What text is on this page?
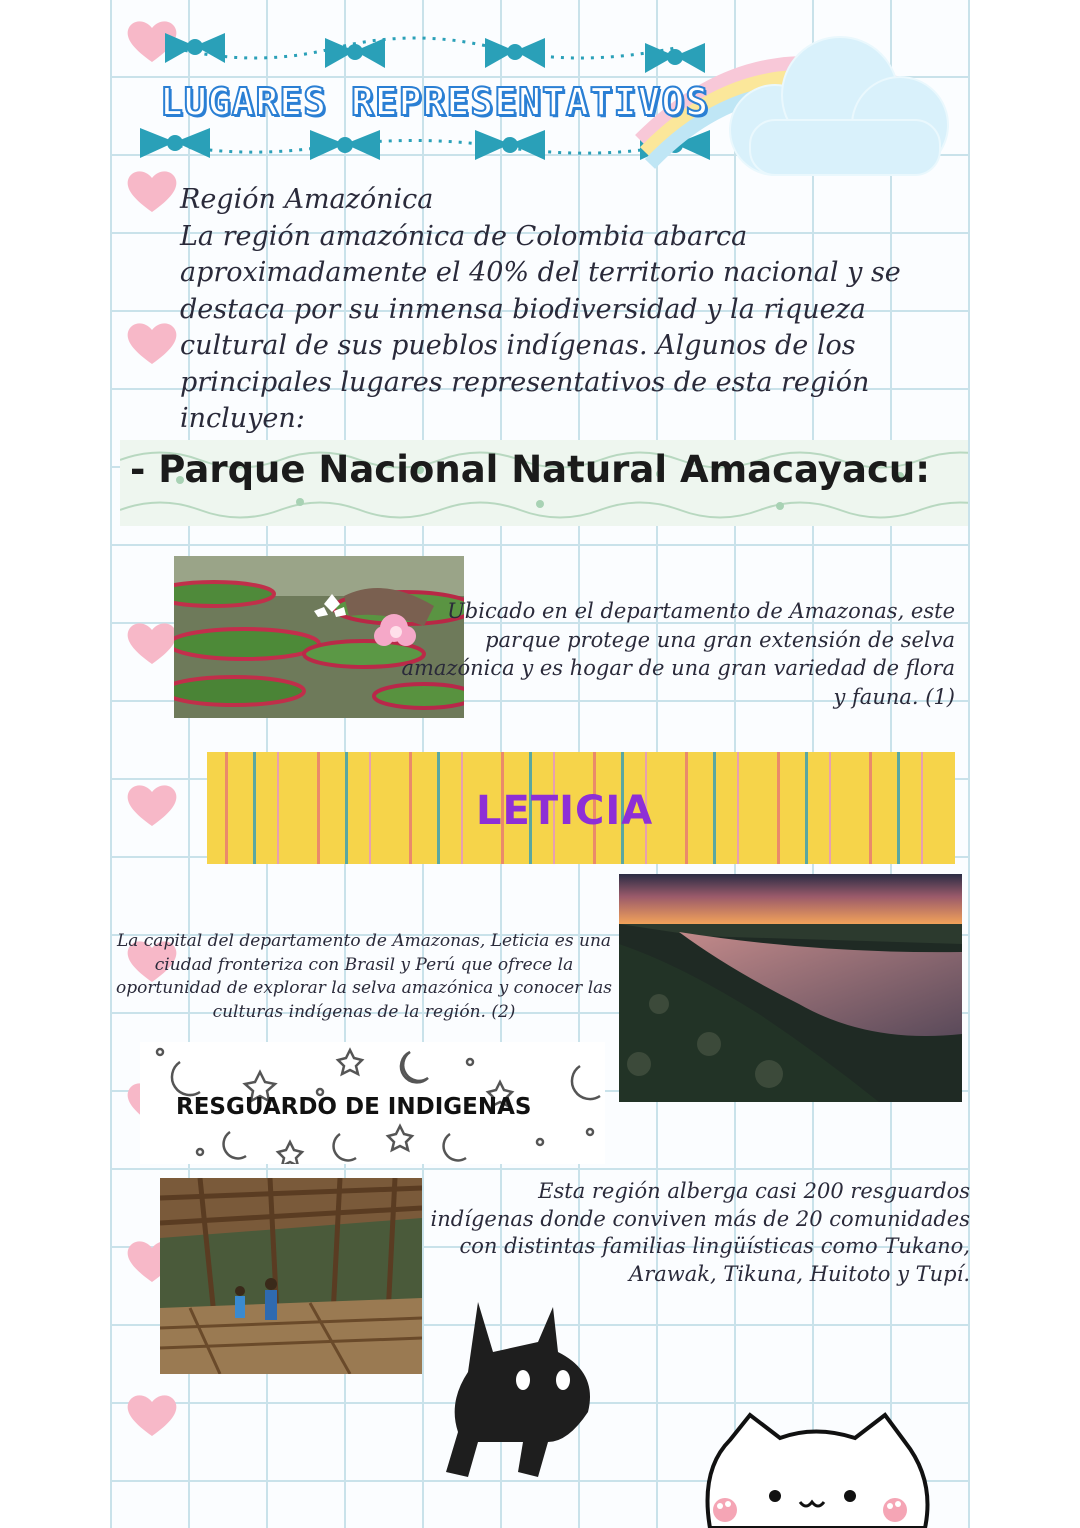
LUGARES REPRESENTATIVOS
Región Amazónica
La región amazónica de Colombia abarca aproximadamente el 40% del territorio nacional y se destaca por su inmensa biodiversidad y la riqueza cultural de sus pueblos indígenas. Algunos de los principales lugares representativos de esta región incluyen:
- Parque Nacional Natural Amacayacu:
Ubicado en el departamento de Amazonas, este parque protege una gran extensión de selva amazónica y es hogar de una gran variedad de flora y fauna. (1)
LETICIA
La capital del departamento de Amazonas, Leticia es una ciudad fronteriza con Brasil y Perú que ofrece la oportunidad de explorar la selva amazónica y conocer las culturas indígenas de la región. (2)
RESGUARDO DE INDIGENAS
Esta región alberga casi 200 resguardos indígenas donde conviven más de 20 comunidades con distintas familias lingüísticas como Tukano, Arawak, Tikuna, Huitoto y Tupí.
